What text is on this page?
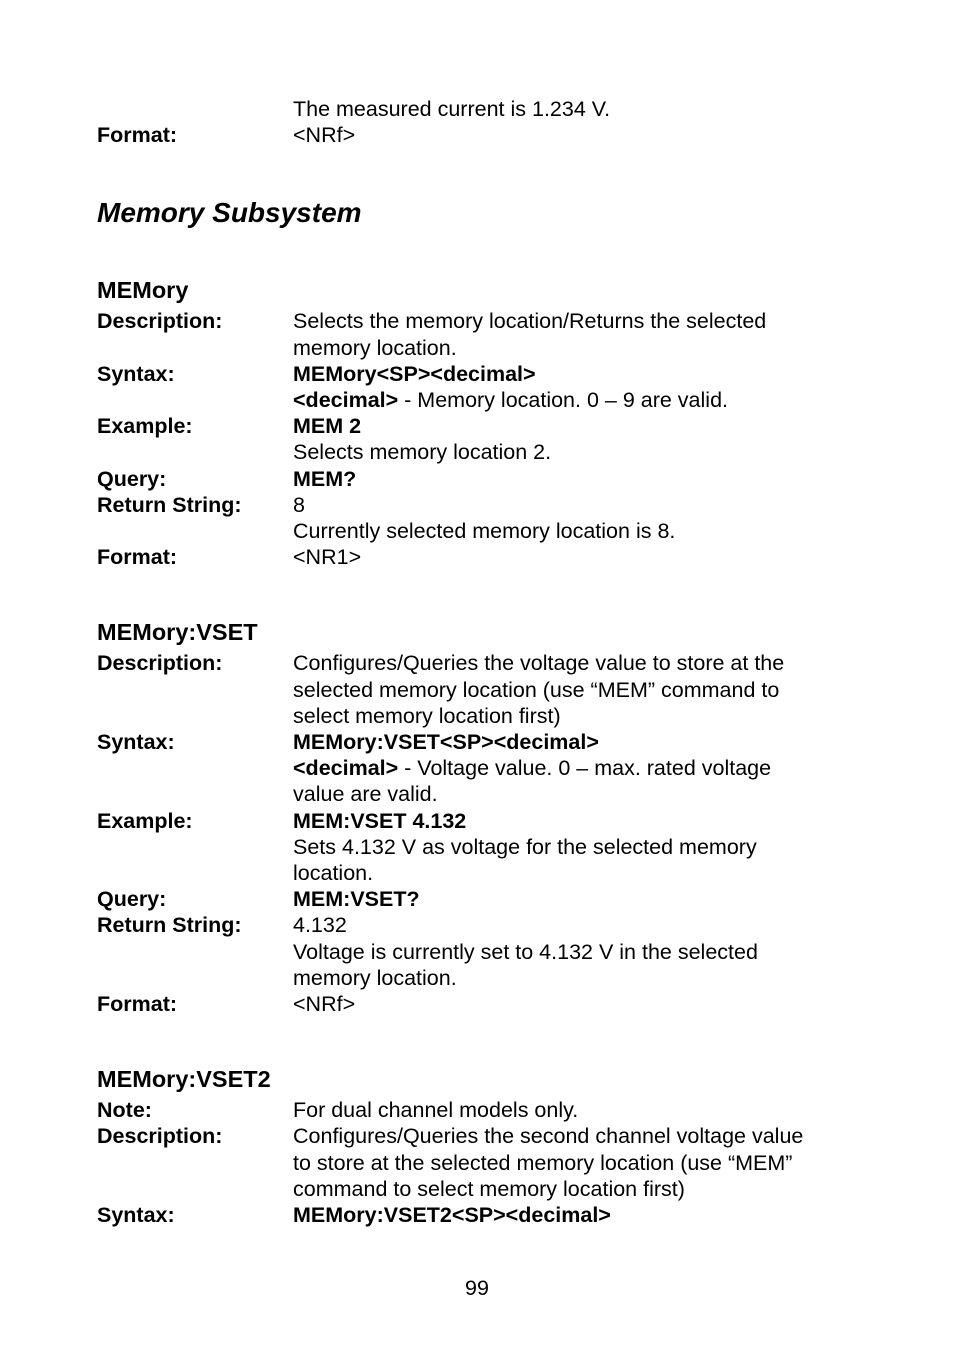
The measured current is 1.234 V.
Format:	<NRf>
Memory Subsystem
MEMory
Description:	Selects the memory location/Returns the selected
memory location.
Syntax:	MEMory<SP><decimal>
<decimal> - Memory location. 0 – 9 are valid.
Example:	MEM 2
Selects memory location 2.
Query:	MEM?
Return String:	8
Currently selected memory location is 8.
Format:	<NR1>
MEMory:VSET
Description:	Configures/Queries the voltage value to store at the
selected memory location (use “MEM” command to
select memory location first)
Syntax:	MEMory:VSET<SP><decimal>
<decimal> - Voltage value. 0 – max. rated voltage
value are valid.
Example:	MEM:VSET 4.132
Sets 4.132 V as voltage for the selected memory
location.
Query:	MEM:VSET?
Return String:	4.132
Voltage is currently set to 4.132 V in the selected
memory location.
Format:	<NRf>
MEMory:VSET2
Note:	For dual channel models only.
Description:	Configures/Queries the second channel voltage value
to store at the selected memory location (use “MEM”
command to select memory location first)
Syntax:	MEMory:VSET2<SP><decimal>
99
